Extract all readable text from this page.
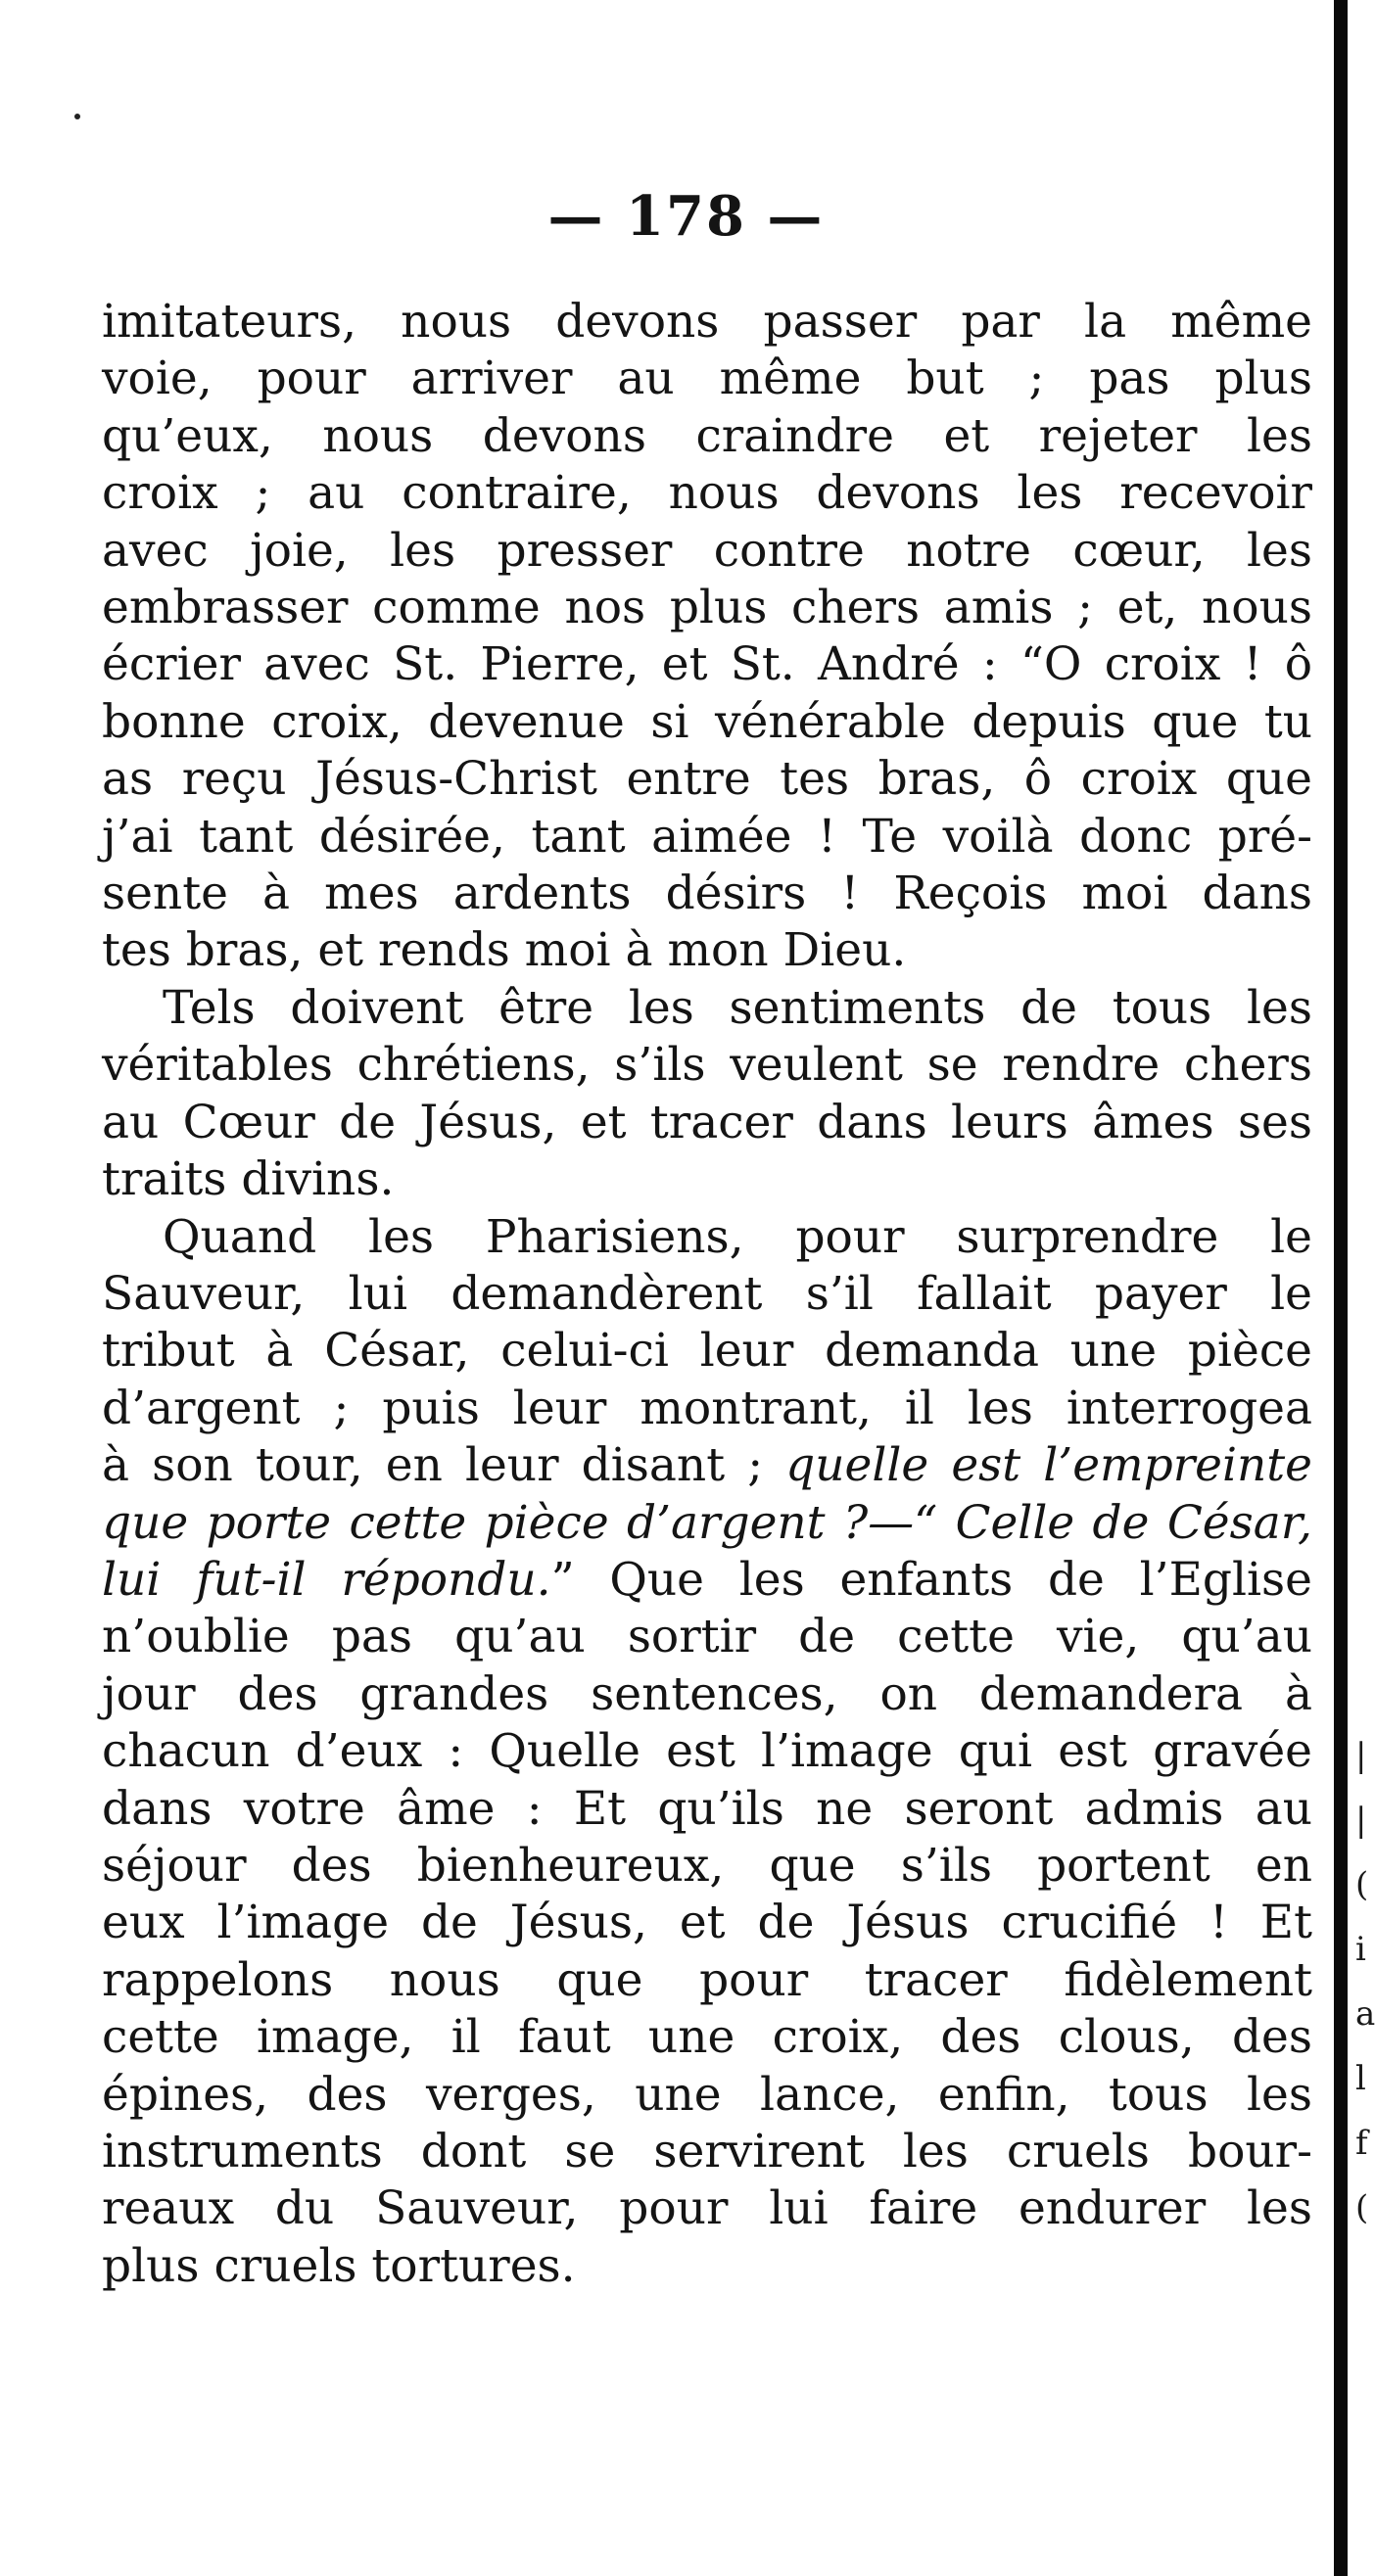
— 178 —

imitateurs, nous devons passer par la même
voie, pour arriver au même but ; pas plus
qu’eux, nous devons craindre et rejeter les
croix ; au contraire, nous devons les recevoir
avec joie, les presser contre notre cœur, les
embrasser comme nos plus chers amis ; et, nous
écrier avec St. Pierre, et St. André : “O croix ! ô
bonne croix, devenue si vénérable depuis que tu
as reçu Jésus-Christ entre tes bras, ô croix que
j’ai tant désirée, tant aimée ! Te voilà donc pré-
sente à mes ardents désirs ! Reçois moi dans
tes bras, et rends moi à mon Dieu.

Tels doivent être les sentiments de tous les
véritables chrétiens, s’ils veulent se rendre chers
au Cœur de Jésus, et tracer dans leurs âmes ses
traits divins.

Quand les Pharisiens, pour surprendre le
Sauveur, lui demandèrent s’il fallait payer le
tribut à César, celui-ci leur demanda une pièce
d’argent ; puis leur montrant, il les interrogea
à son tour, en leur disant ; quelle est l’empreinte
que porte cette pièce d’argent ?—“ Celle de César,
lui fut-il répondu.” Que les enfants de l’Eglise
n’oublie pas qu’au sortir de cette vie, qu’au
jour des grandes sentences, on demandera à
chacun d’eux : Quelle est l’image qui est gravée
dans votre âme : Et qu’ils ne seront admis au
séjour des bienheureux, que s’ils portent en
eux l’image de Jésus, et de Jésus crucifié ! Et
rappelons nous que pour tracer fidèlement
cette image, il faut une croix, des clous, des
épines, des verges, une lance, enfin, tous les
instruments dont se servirent les cruels bour-
reaux du Sauveur, pour lui faire endurer les
plus cruels tortures.

|
|
(
i
a
l
f
(
